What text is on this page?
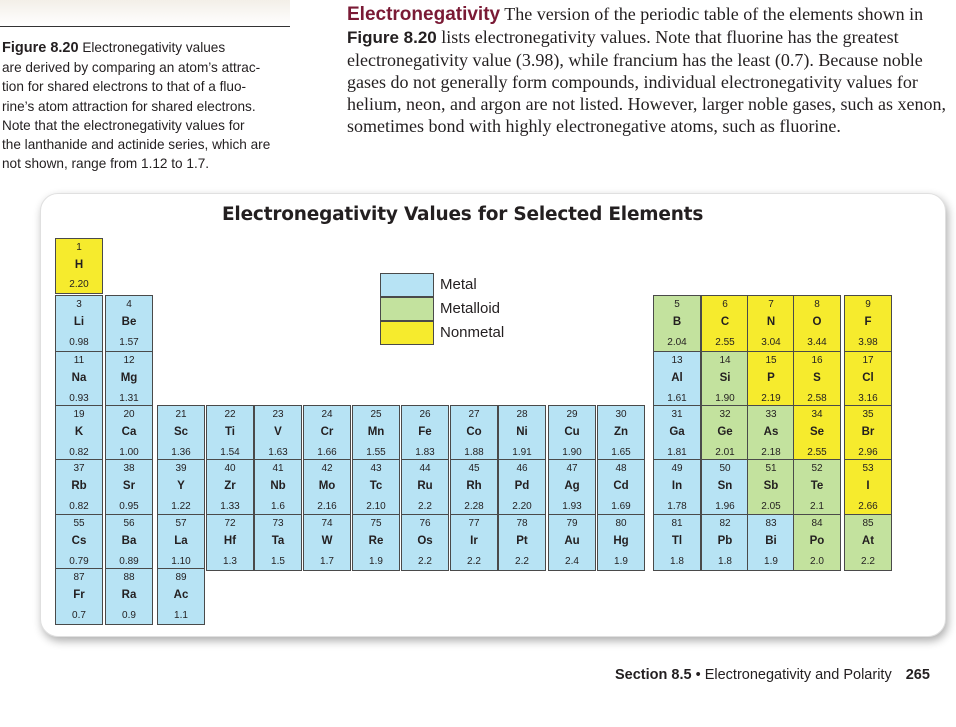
Figure 8.20 Electronegativity values
are derived by comparing an atom’s attrac-
tion for shared electrons to that of a fluo-
rine’s atom attraction for shared electrons.
Note that the electronegativity values for
the lanthanide and actinide series, which are
not shown, range from 1.12 to 1.7.
Electronegativity The version of the periodic table of the elements shown in Figure 8.20 lists electronegativity values. Note that fluorine has the greatest electronegativity value (3.98), while francium has the least (0.7). Because noble gases do not generally form compounds, individual electronegativity values for helium, neon, and argon are not listed. However, larger noble gases, such as xenon, sometimes bond with highly electronegative atoms, such as fluorine.
Electronegativity Values for Selected Elements
Metal
Metalloid
Nonmetal
1
H
2.20
3
Li
0.98
4
Be
1.57
5
B
2.04
6
C
2.55
7
N
3.04
8
O
3.44
9
F
3.98
11
Na
0.93
12
Mg
1.31
13
Al
1.61
14
Si
1.90
15
P
2.19
16
S
2.58
17
Cl
3.16
19
K
0.82
20
Ca
1.00
21
Sc
1.36
22
Ti
1.54
23
V
1.63
24
Cr
1.66
25
Mn
1.55
26
Fe
1.83
27
Co
1.88
28
Ni
1.91
29
Cu
1.90
30
Zn
1.65
31
Ga
1.81
32
Ge
2.01
33
As
2.18
34
Se
2.55
35
Br
2.96
37
Rb
0.82
38
Sr
0.95
39
Y
1.22
40
Zr
1.33
41
Nb
1.6
42
Mo
2.16
43
Tc
2.10
44
Ru
2.2
45
Rh
2.28
46
Pd
2.20
47
Ag
1.93
48
Cd
1.69
49
In
1.78
50
Sn
1.96
51
Sb
2.05
52
Te
2.1
53
I
2.66
55
Cs
0.79
56
Ba
0.89
57
La
1.10
72
Hf
1.3
73
Ta
1.5
74
W
1.7
75
Re
1.9
76
Os
2.2
77
Ir
2.2
78
Pt
2.2
79
Au
2.4
80
Hg
1.9
81
Tl
1.8
82
Pb
1.8
83
Bi
1.9
84
Po
2.0
85
At
2.2
87
Fr
0.7
88
Ra
0.9
89
Ac
1.1
Section 8.5 • Electronegativity and Polarity 265
